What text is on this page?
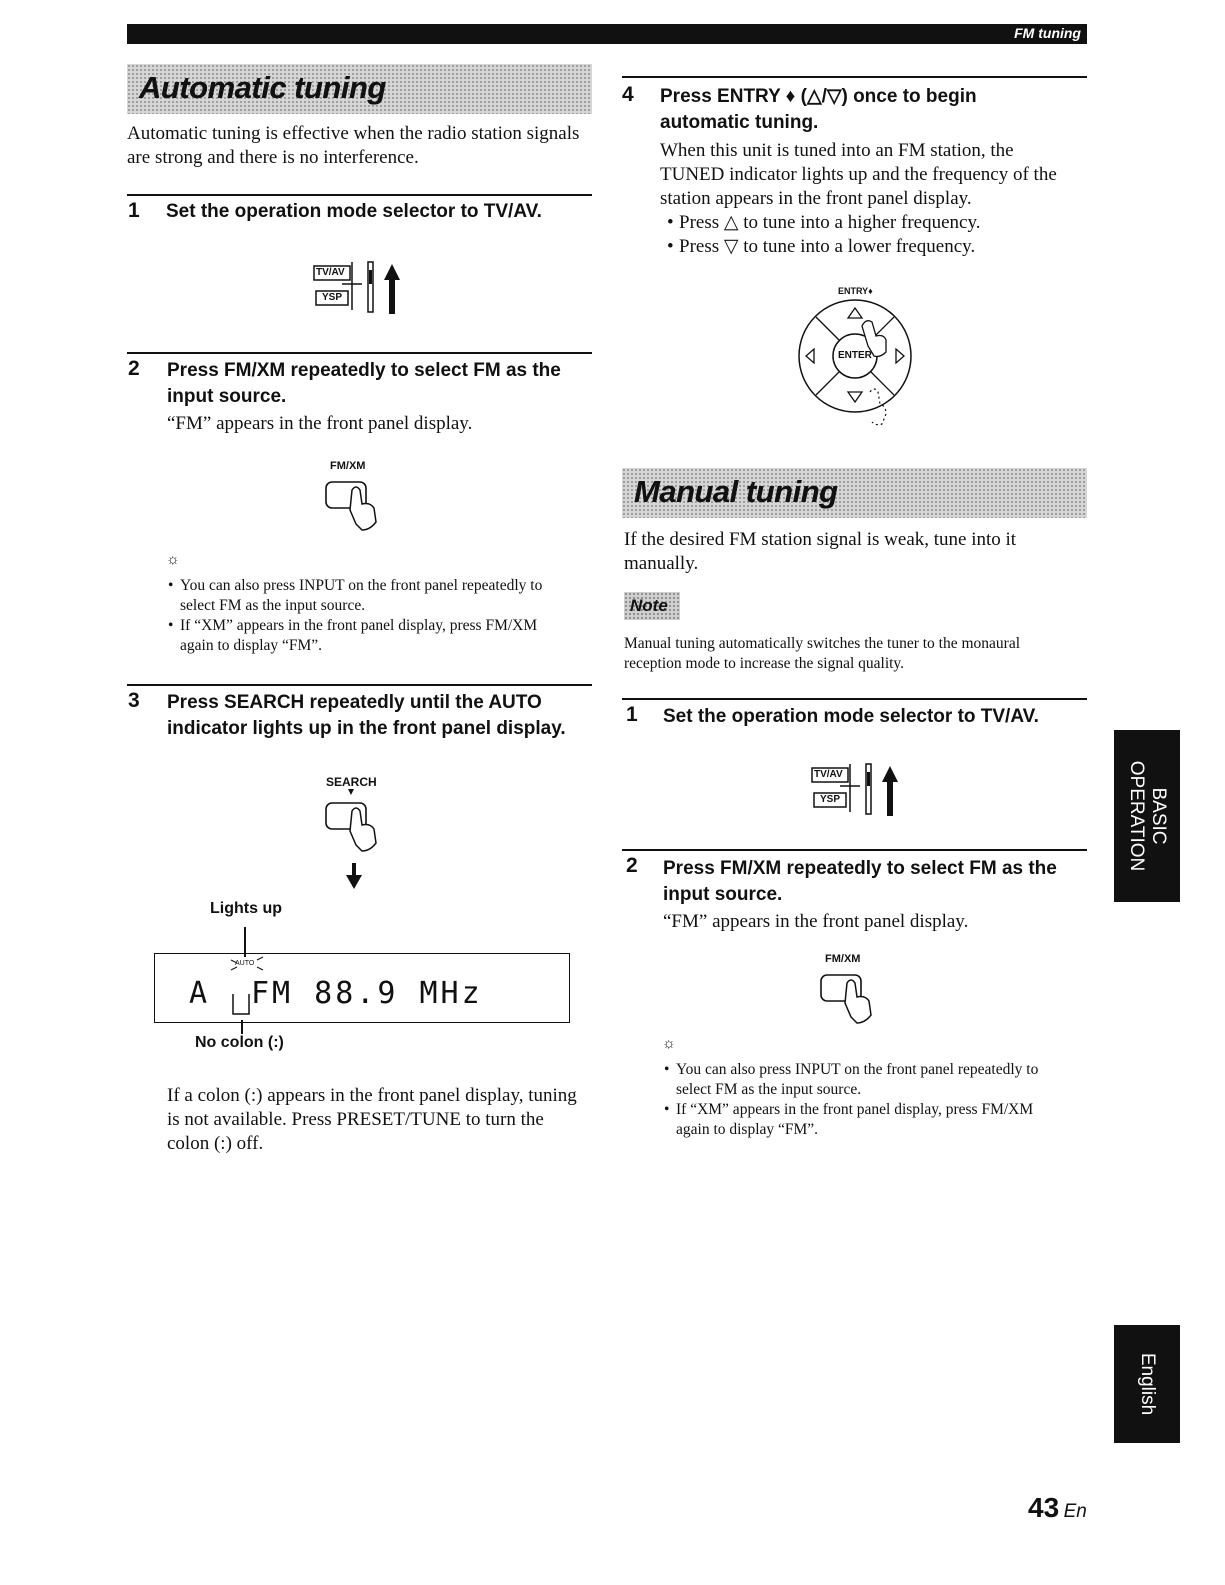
FM tuning
Automatic tuning
Automatic tuning is effective when the radio station signals are strong and there is no interference.
1 Set the operation mode selector to TV/AV.
TV/AV
YSP
2 Press FM/XM repeatedly to select FM as the
input source.
“FM” appears in the front panel display.
FM/XM
☼
• You can also press INPUT on the front panel repeatedly to
select FM as the input source.
• If “XM” appears in the front panel display, press FM/XM
again to display “FM”.
3 Press SEARCH repeatedly until the AUTO
indicator lights up in the front panel display.
SEARCH
Lights up
AUTO
A FM 88.9 MHz
No colon (:)
If a colon (:) appears in the front panel display, tuning
is not available. Press PRESET/TUNE to turn the
colon (:) off.
4 Press ENTRY ♦ (△/▽) once to begin
automatic tuning.
When this unit is tuned into an FM station, the
TUNED indicator lights up and the frequency of the
station appears in the front panel display.
• Press △ to tune into a higher frequency.
• Press ▽ to tune into a lower frequency.
ENTRY♦
ENTER
Manual tuning
If the desired FM station signal is weak, tune into it
manually.
Note
Manual tuning automatically switches the tuner to the monaural
reception mode to increase the signal quality.
1 Set the operation mode selector to TV/AV.
TV/AV
YSP
2 Press FM/XM repeatedly to select FM as the
input source.
“FM” appears in the front panel display.
FM/XM
☼
• You can also press INPUT on the front panel repeatedly to
select FM as the input source.
• If “XM” appears in the front panel display, press FM/XM
again to display “FM”.
BASIC
OPERATION
English
43 En
